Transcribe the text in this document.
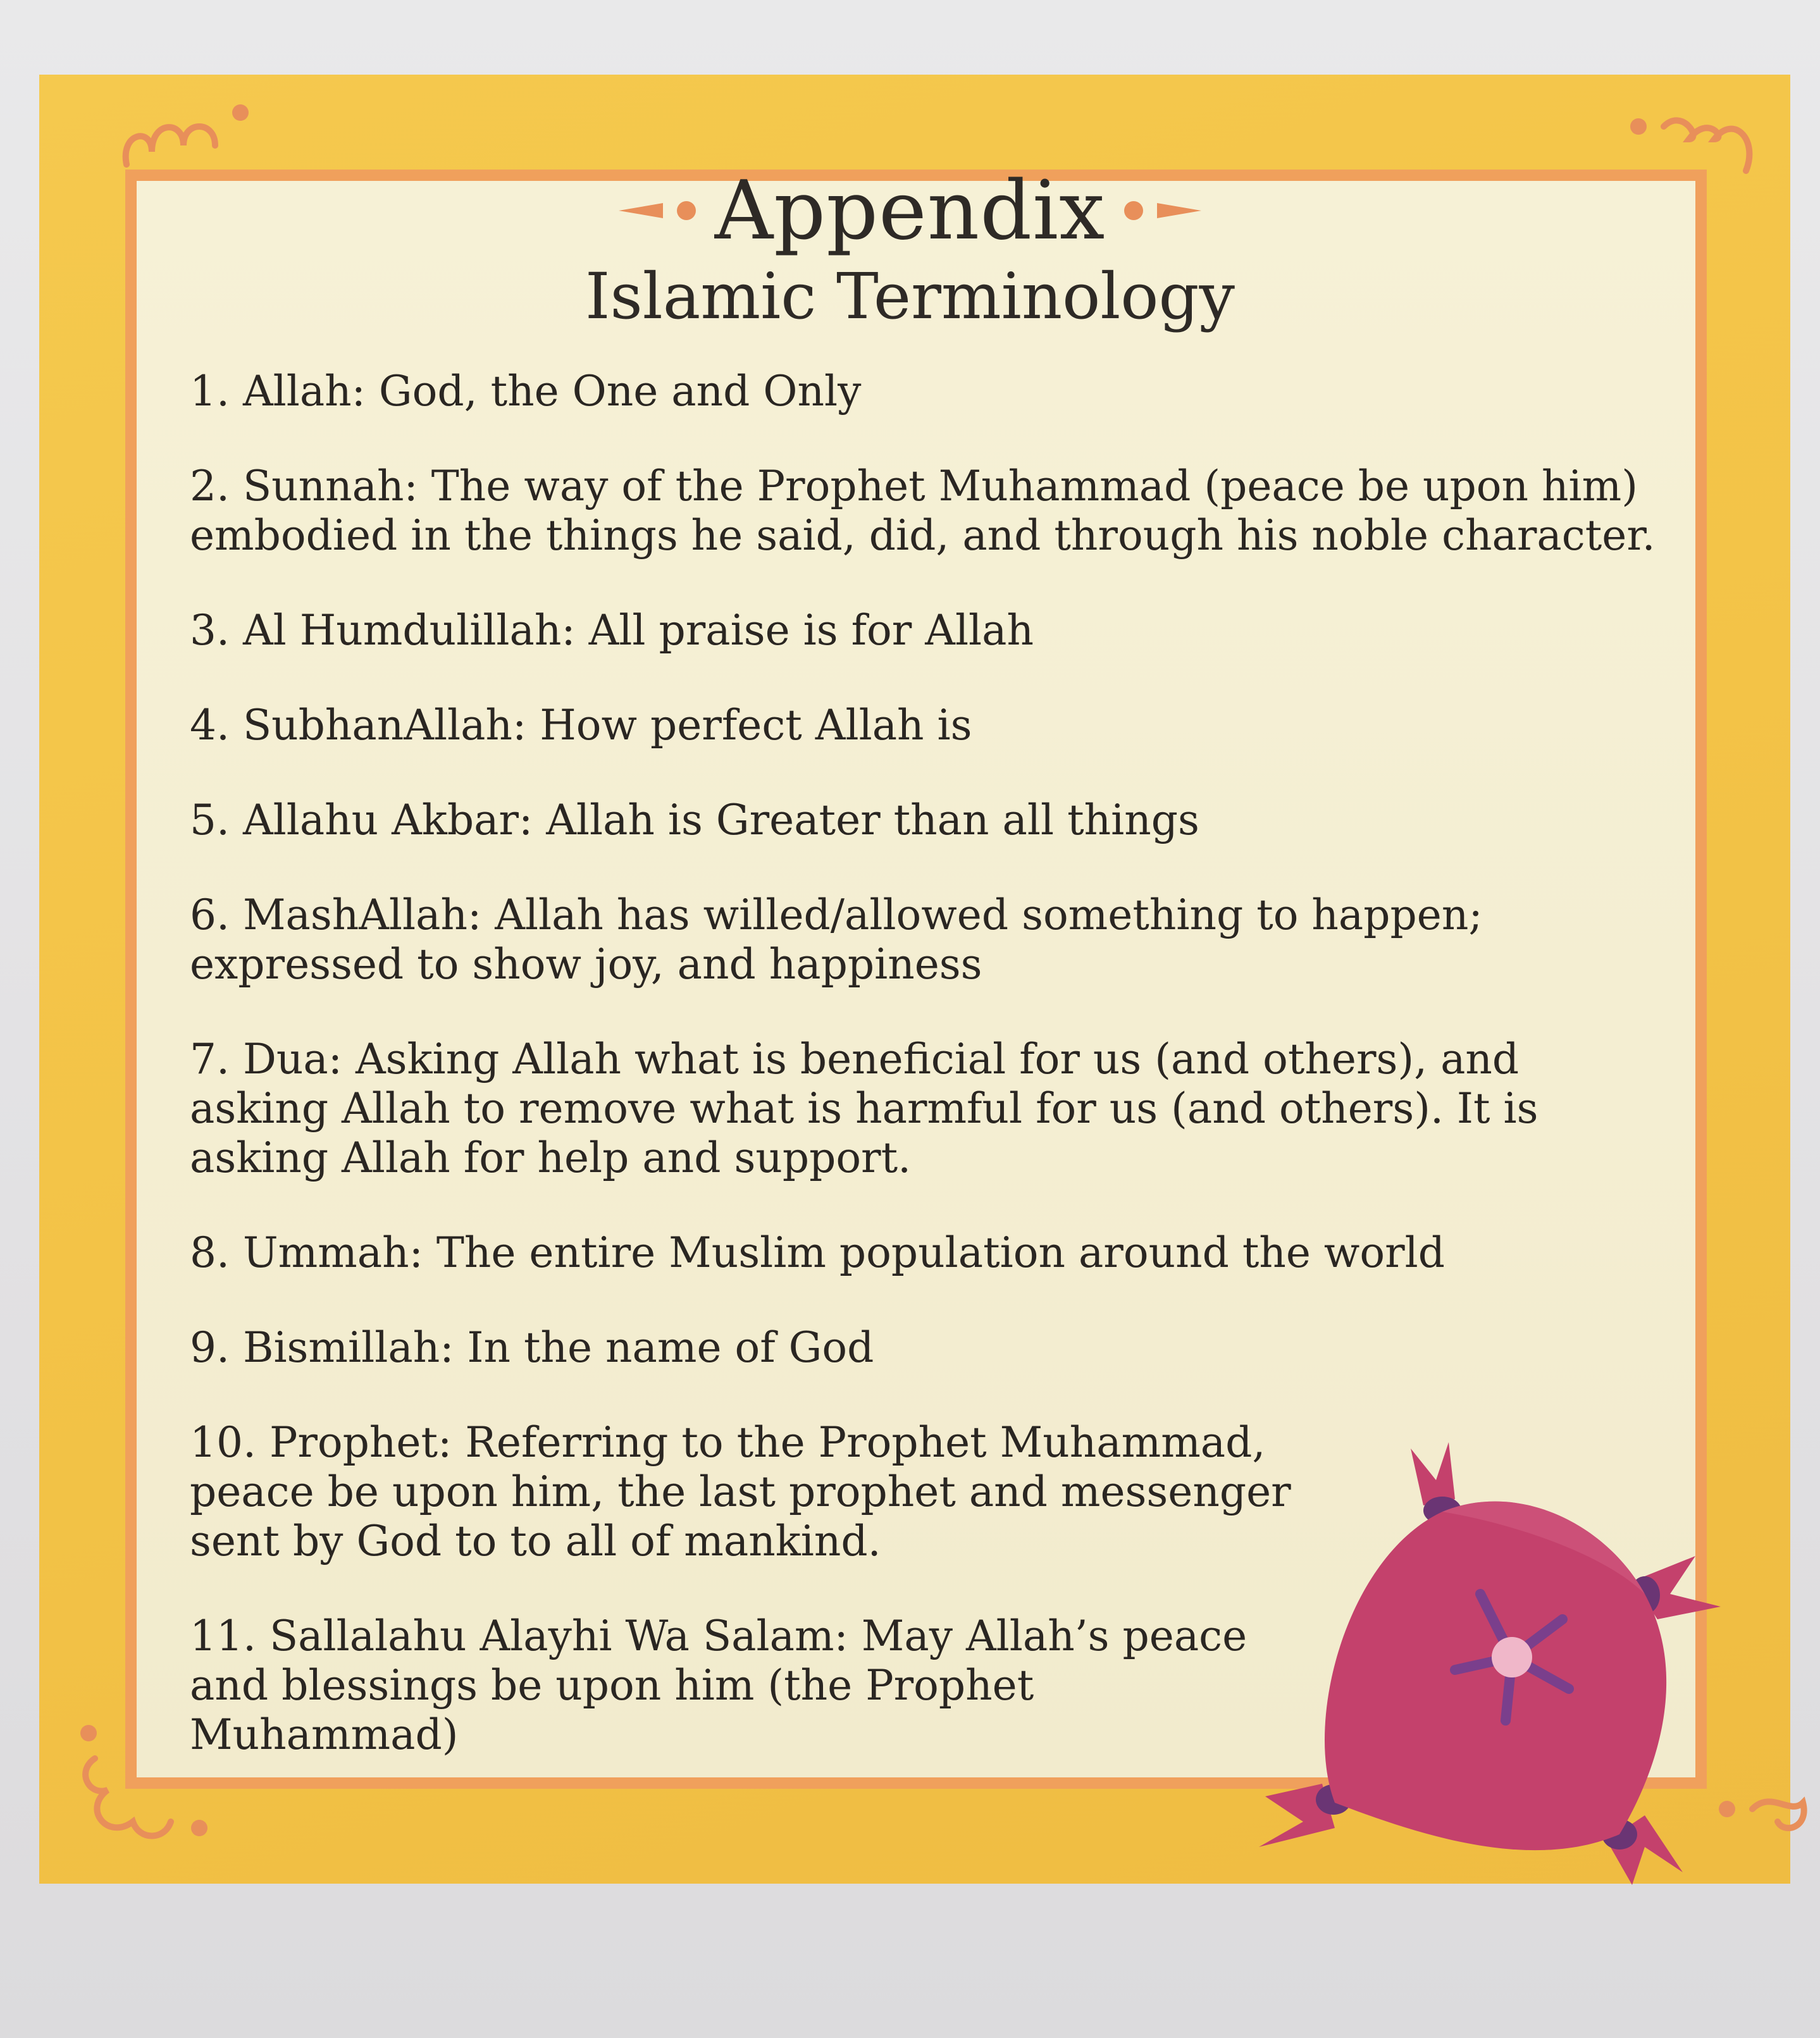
Appendix
Islamic Terminology
1. Allah: God, the One and Only
2. Sunnah: The way of the Prophet Muhammad (peace be upon him) embodied in the things he said, did, and through his noble character.
3. Al Humdulillah: All praise is for Allah
4. SubhanAllah: How perfect Allah is
5. Allahu Akbar: Allah is Greater than all things
6. MashAllah: Allah has willed/allowed something to happen; expressed to show joy, and happiness
7. Dua: Asking Allah what is beneficial for us (and others), and asking Allah to remove what is harmful for us (and others). It is asking Allah for help and support.
8. Ummah: The entire Muslim population around the world
9. Bismillah: In the name of God
10. Prophet: Referring to the Prophet Muhammad, peace be upon him, the last prophet and messenger sent by God to to all of mankind.
11. Sallalahu Alayhi Wa Salam: May Allah’s peace and blessings be upon him (the Prophet Muhammad)
